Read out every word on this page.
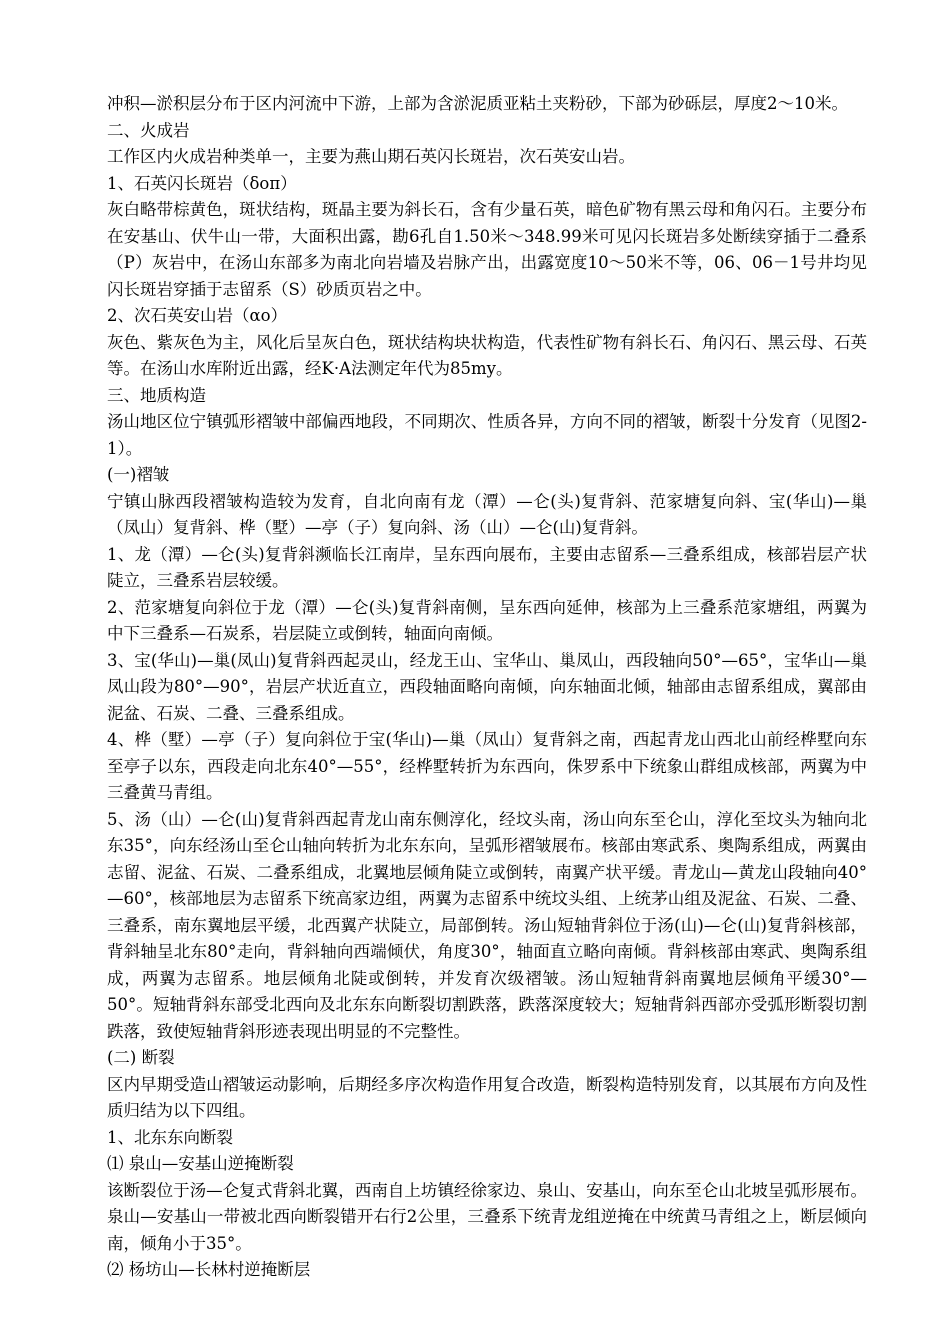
冲积—淤积层分布于区内河流中下游，上部为含淤泥质亚粘土夹粉砂，下部为砂砾层，厚度2～10米。

二、火成岩

工作区内火成岩种类单一，主要为燕山期石英闪长斑岩，次石英安山岩。

1、石英闪长斑岩（δοπ）

灰白略带棕黄色，斑状结构，斑晶主要为斜长石，含有少量石英，暗色矿物有黑云母和角闪石。主要分布在安基山、伏牛山一带，大面积出露，勘6孔自1.50米～348.99米可见闪长斑岩多处断续穿插于二叠系（P）灰岩中，在汤山东部多为南北向岩墙及岩脉产出，出露宽度10～50米不等，06、06－1号井均见闪长斑岩穿插于志留系（S）砂质页岩之中。

2、次石英安山岩（αο）

灰色、紫灰色为主，风化后呈灰白色，斑状结构块状构造，代表性矿物有斜长石、角闪石、黑云母、石英等。在汤山水库附近出露，经K·A法测定年代为85my。

三、地质构造

汤山地区位宁镇弧形褶皱中部偏西地段，不同期次、性质各异，方向不同的褶皱，断裂十分发育（见图2-1）。

(一)褶皱

宁镇山脉西段褶皱构造较为发育，自北向南有龙（潭）—仑(头)复背斜、范家塘复向斜、宝(华山)—巢（凤山）复背斜、桦（墅）—亭（子）复向斜、汤（山）—仑(山)复背斜。

1、龙（潭）—仑(头)复背斜濒临长江南岸，呈东西向展布，主要由志留系—三叠系组成，核部岩层产状陡立，三叠系岩层较缓。

2、范家塘复向斜位于龙（潭）—仑(头)复背斜南侧，呈东西向延伸，核部为上三叠系范家塘组，两翼为中下三叠系—石炭系，岩层陡立或倒转，轴面向南倾。

3、宝(华山)—巢(凤山)复背斜西起灵山，经龙王山、宝华山、巢凤山，西段轴向50°—65°，宝华山—巢凤山段为80°—90°，岩层产状近直立，西段轴面略向南倾，向东轴面北倾，轴部由志留系组成，翼部由泥盆、石炭、二叠、三叠系组成。

4、桦（墅）—亭（子）复向斜位于宝(华山)—巢（凤山）复背斜之南，西起青龙山西北山前经桦墅向东至亭子以东，西段走向北东40°—55°，经桦墅转折为东西向，侏罗系中下统象山群组成核部，两翼为中三叠黄马青组。

5、汤（山）—仑(山)复背斜西起青龙山南东侧淳化，经坟头南，汤山向东至仑山，淳化至坟头为轴向北东35°，向东经汤山至仑山轴向转折为北东东向，呈弧形褶皱展布。核部由寒武系、奥陶系组成，两翼由志留、泥盆、石炭、二叠系组成，北翼地层倾角陡立或倒转，南翼产状平缓。青龙山—黄龙山段轴向40°—60°，核部地层为志留系下统高家边组，两翼为志留系中统坟头组、上统茅山组及泥盆、石炭、二叠、三叠系，南东翼地层平缓，北西翼产状陡立，局部倒转。汤山短轴背斜位于汤(山)—仑(山)复背斜核部，背斜轴呈北东80°走向，背斜轴向西端倾伏，角度30°，轴面直立略向南倾。背斜核部由寒武、奥陶系组成，两翼为志留系。地层倾角北陡或倒转，并发育次级褶皱。汤山短轴背斜南翼地层倾角平缓30°—50°。短轴背斜东部受北西向及北东东向断裂切割跌落，跌落深度较大；短轴背斜西部亦受弧形断裂切割跌落，致使短轴背斜形迹表现出明显的不完整性。

(二) 断裂

区内早期受造山褶皱运动影响，后期经多序次构造作用复合改造，断裂构造特别发育，以其展布方向及性质归结为以下四组。

1、北东东向断裂

⑴ 泉山—安基山逆掩断裂

该断裂位于汤—仑复式背斜北翼，西南自上坊镇经徐家边、泉山、安基山，向东至仑山北坡呈弧形展布。泉山—安基山一带被北西向断裂错开右行2公里，三叠系下统青龙组逆掩在中统黄马青组之上，断层倾向南，倾角小于35°。

⑵ 杨坊山—长林村逆掩断层
